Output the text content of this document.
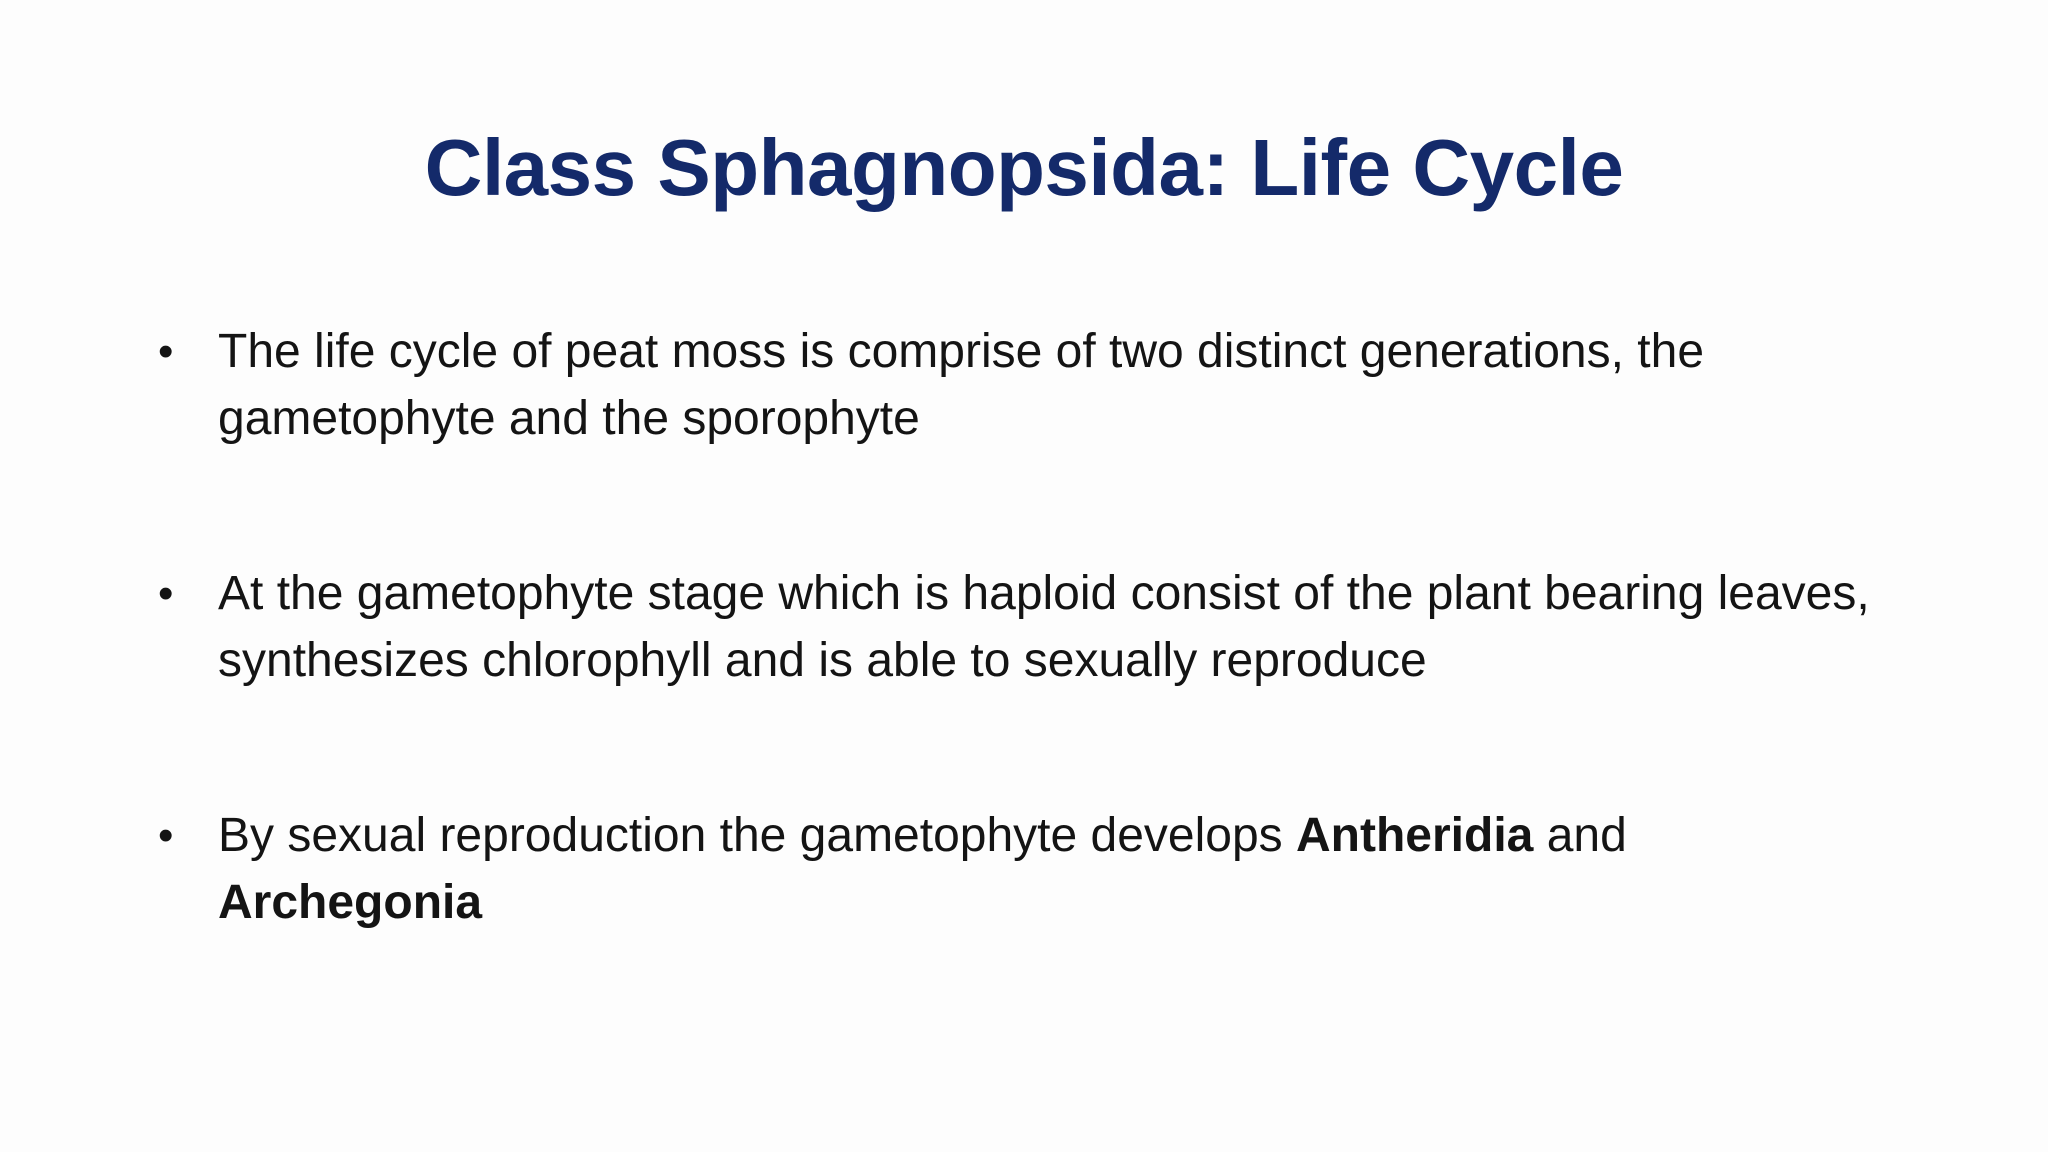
Class Sphagnopsida: Life Cycle
• The life cycle of peat moss is comprise of two distinct generations, the gametophyte and the sporophyte
• At the gametophyte stage which is haploid consist of the plant bearing leaves, synthesizes chlorophyll and is able to sexually reproduce
• By sexual reproduction the gametophyte develops Antheridia and Archegonia
